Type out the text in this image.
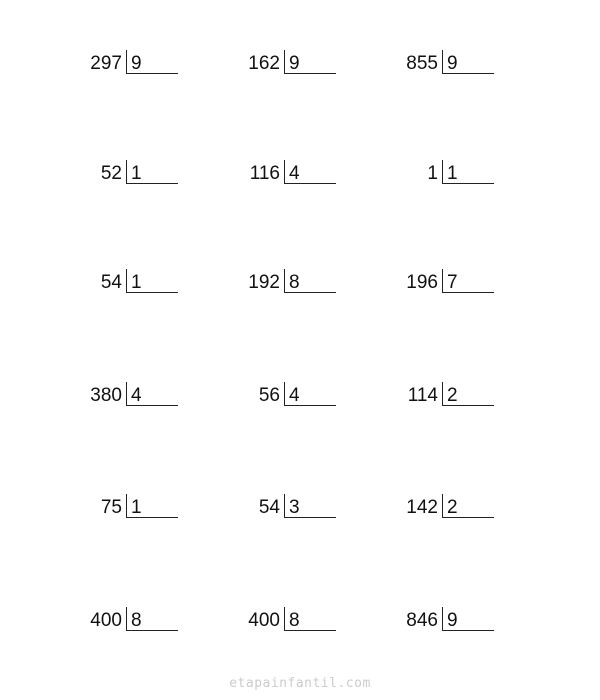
297 9	162 9	855 9
52 1	116 4	1 1
54 1	192 8	196 7
380 4	56 4	114 2
75 1	54 3	142 2
400 8	400 8	846 9
etapainfantil.com
